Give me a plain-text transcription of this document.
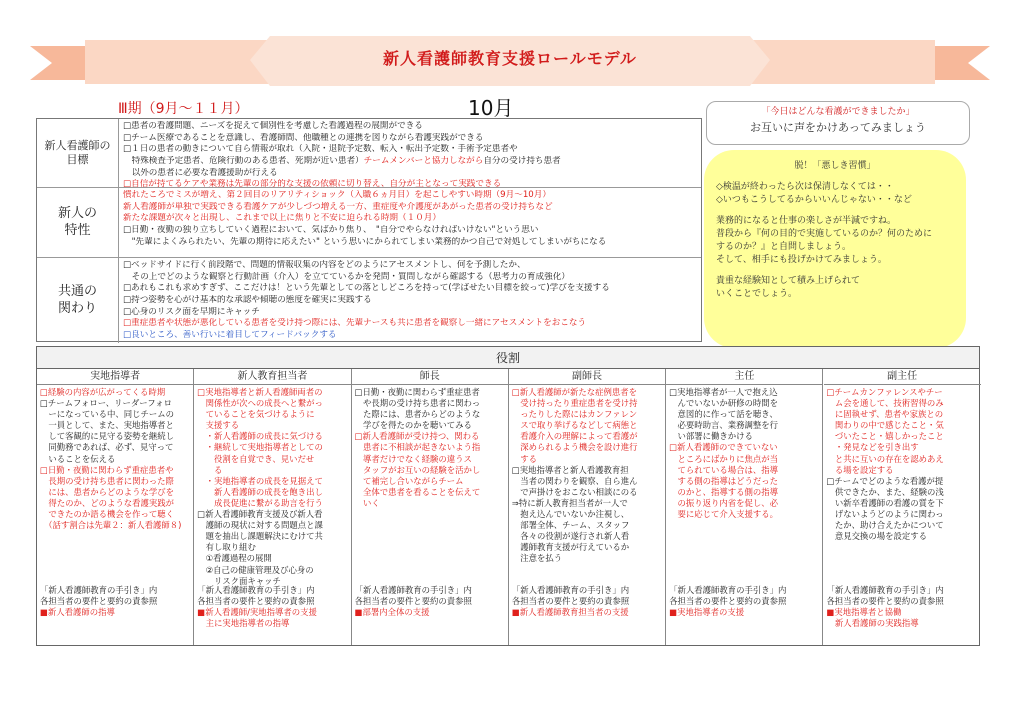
新人看護師教育支援ロールモデル
Ⅲ期（9月～１１月）	10月
新人看護師の
目標
□患者の看護問題、ニーズを捉えて個別性を考慮した看護過程の展開ができる
□チーム医療であることを意識し、看護師間、他職種との連携を図りながら看護実践ができる
□１日の患者の動きについて自ら情報が取れ（入院・退院予定数、転入・転出予定数・手術予定患者や
　特殊検査予定患者、危険行動のある患者、死期が近い患者）チームメンバーと協力しながら自分の受け持ち患者
　以外の患者に必要な看護援助が行える
□自信が持てるケアや業務は先輩の部分的な支援の依頼に切り替え、自分が主となって実践できる
新人の
特性
慣れたころでミスが増え、第２回目のリアリティショック（入職６ヵ月目）を起こしやすい時期（9月～10月）
新人看護師が単独で実践できる看護ケアが少しづつ増える一方、重症度や介護度があがった患者の受け持ちなど
新たな課題が次々と出現し、これまで以上に焦りと不安に迫られる時期（１０月）
□日勤・夜勤の独り立ちしていく過程において、気ばかり焦り、　"自分でやらなければいけない"という思い
　"先輩によくみられたい、先輩の期待に応えたい" という思いにかられてしまい業務的かつ自己で対処してしまいがちになる
共通の
関わり
□ベッドサイドに行く前段階で、問題的情報収集の内容をどのようにアセスメントし、何を予測したか、
　その上でどのような観察と行動計画（介入）を立てているかを発問・質問しながら確認する（思考力の育成強化）
□あれもこれも求めすぎず、ここだけは！という先輩としての落としどころを持って(学ばせたい目標を絞って)学びを支援する
□持つ姿勢を心がけ基本的な承認や傾聴の態度を確実に実践する
□心身のリスク面を早期にキャッチ
□重症患者や状態が悪化している患者を受け持つ際には、先輩ナースも共に患者を観察し一緒にアセスメントをおこなう
□良いところ、善い行いに着目してフィードバックする
「今日はどんな看護ができましたか」
お互いに声をかけあってみましょう
脱！「悪しき習慣」
◇検温が終わったら次は保清しなくては・・
◇いつもこうしてるからいいんじゃない・・など
業務的になると仕事の楽しさが半減ですね。
普段から『何の目的で実施しているのか？何のために
するのか？』と自問しましょう。
そして、相手にも投げかけてみましょう。
貴重な経験知として積み上げられて
いくことでしょう。
役割
実地指導者
□経験の内容が広がってくる時期
□チームフォロー、リーダーフォロ
　ーになっている中、同じチームの
　一員として、また、実地指導者と
　して客観的に見守る姿勢を継続し
　同勤務であれば、必ず、見守って
　いることを伝える
□日勤・夜勤に関わらず重症患者や
　長期の受け持ち患者に関わった際
　には、患者からどのような学びを
　得たのか、どのような看護実践が
　できたのか語る機会を作って聴く
　（話す割合は先輩２：新人看護師８)
「新人看護師教育の手引き」内
各担当者の要件と要約の責参照
■新人看護師の指導
新人教育担当者
□実地指導者と新人看護師両者の
　関係性が次への成長へと繋がっ
　ていることを気づけるように
　支援する
　・新人看護師の成長に気づける
　・継続して実地指導者としての
　　役割を自覚でき、見いだせ
　　る
　・実地指導者の成長を見据えて
　　新人看護師の成長を飽き出し
　　成長促進に繋がる助言を行う
□新人看護師教育支援及び新人看
　護師の現状に対する問題点と課
　題を抽出し課題解決にむけて共
　有し取り組む
　①看護過程の展開
　②自己の健康管理及び心身の
　　リスク面キャッチ
「新人看護師教育の手引き」内
各担当者の要件と要約の責参照
■新人看護師/実地指導者の支援
　主に実地指導者の指導
師長
□日勤・夜勤に関わらず重症患者
　や長期の受け持ち患者に関わっ
　た際には、患者からどのような
　学びを得たのかを聴いてみる
□新人看護師が受け持つ、関わる
　患者に不相談が起きないよう指
　導者だけでなく経験の違うス
　タッフがお互いの経験を活かし
　て補完し合いながらチーム
　全体で患者を看ることを伝えて
　いく
「新人看護師教育の手引き」内
各担当者の要件と要約の責参照
■部署内全体の支援
副師長
□新人看護師が新たな症例患者を
　受け持ったり重症患者を受け持
　ったりした際にはカンファレン
　スで取り挙げるなどして病態と
　看護介入の理解によって看護が
　深められるよう機会を設け進行
　する
□実地指導者と新人看護教育担
　当者の関わりを観察、自ら進ん
　で声掛けをおこない相談にのる
⇒特に新人教育担当者が一人で
　抱え込んでいないか注視し、
　部署全体、チーム、スタッフ
　各々の役割が遂行され新人看
　護師教育支援が行えているか
　注意を払う
「新人看護師教育の手引き」内
各担当者の要件と要約の責参照
■新人看護師教育担当者の支援
主任
□実地指導者が一人で抱え込
　んでいないか研修の時間を
　意図的に作って話を聴き、
　必要時助言、業務調整を行
　い部署に働きかける
□新人看護師のできていない
　ところにばかりに焦点が当
　てられている場合は、指導
　する側の指導はどうだった
　のかと、指導する側の指導
　の振り返り内省を促し、必
　要に応じて介入支援する。
「新人看護師教育の手引き」内
各担当者の要件と要約の責参照
■実地指導者の支援
副主任
□チームカンファレンスやチー
　ム会を通して、技術習得のみ
　に固執せず、患者や家族との
　関わりの中で感じたこと・気
　づいたこと・嬉しかったこと
　・発見などを引き出す
　と共に互いの存在を認めあえ
　る場を設定する
□チームでどのような看護が提
　供できたか、また、経験の浅
　い新卒看護師の看護の質を下
　げないようどのように関わっ
　たか、助け合えたかについて
　意見交換の場を設定する
「新人看護師教育の手引き」内
各担当者の要件と要約の責参照
■実地指導者と協働
　新人看護師の実践指導
